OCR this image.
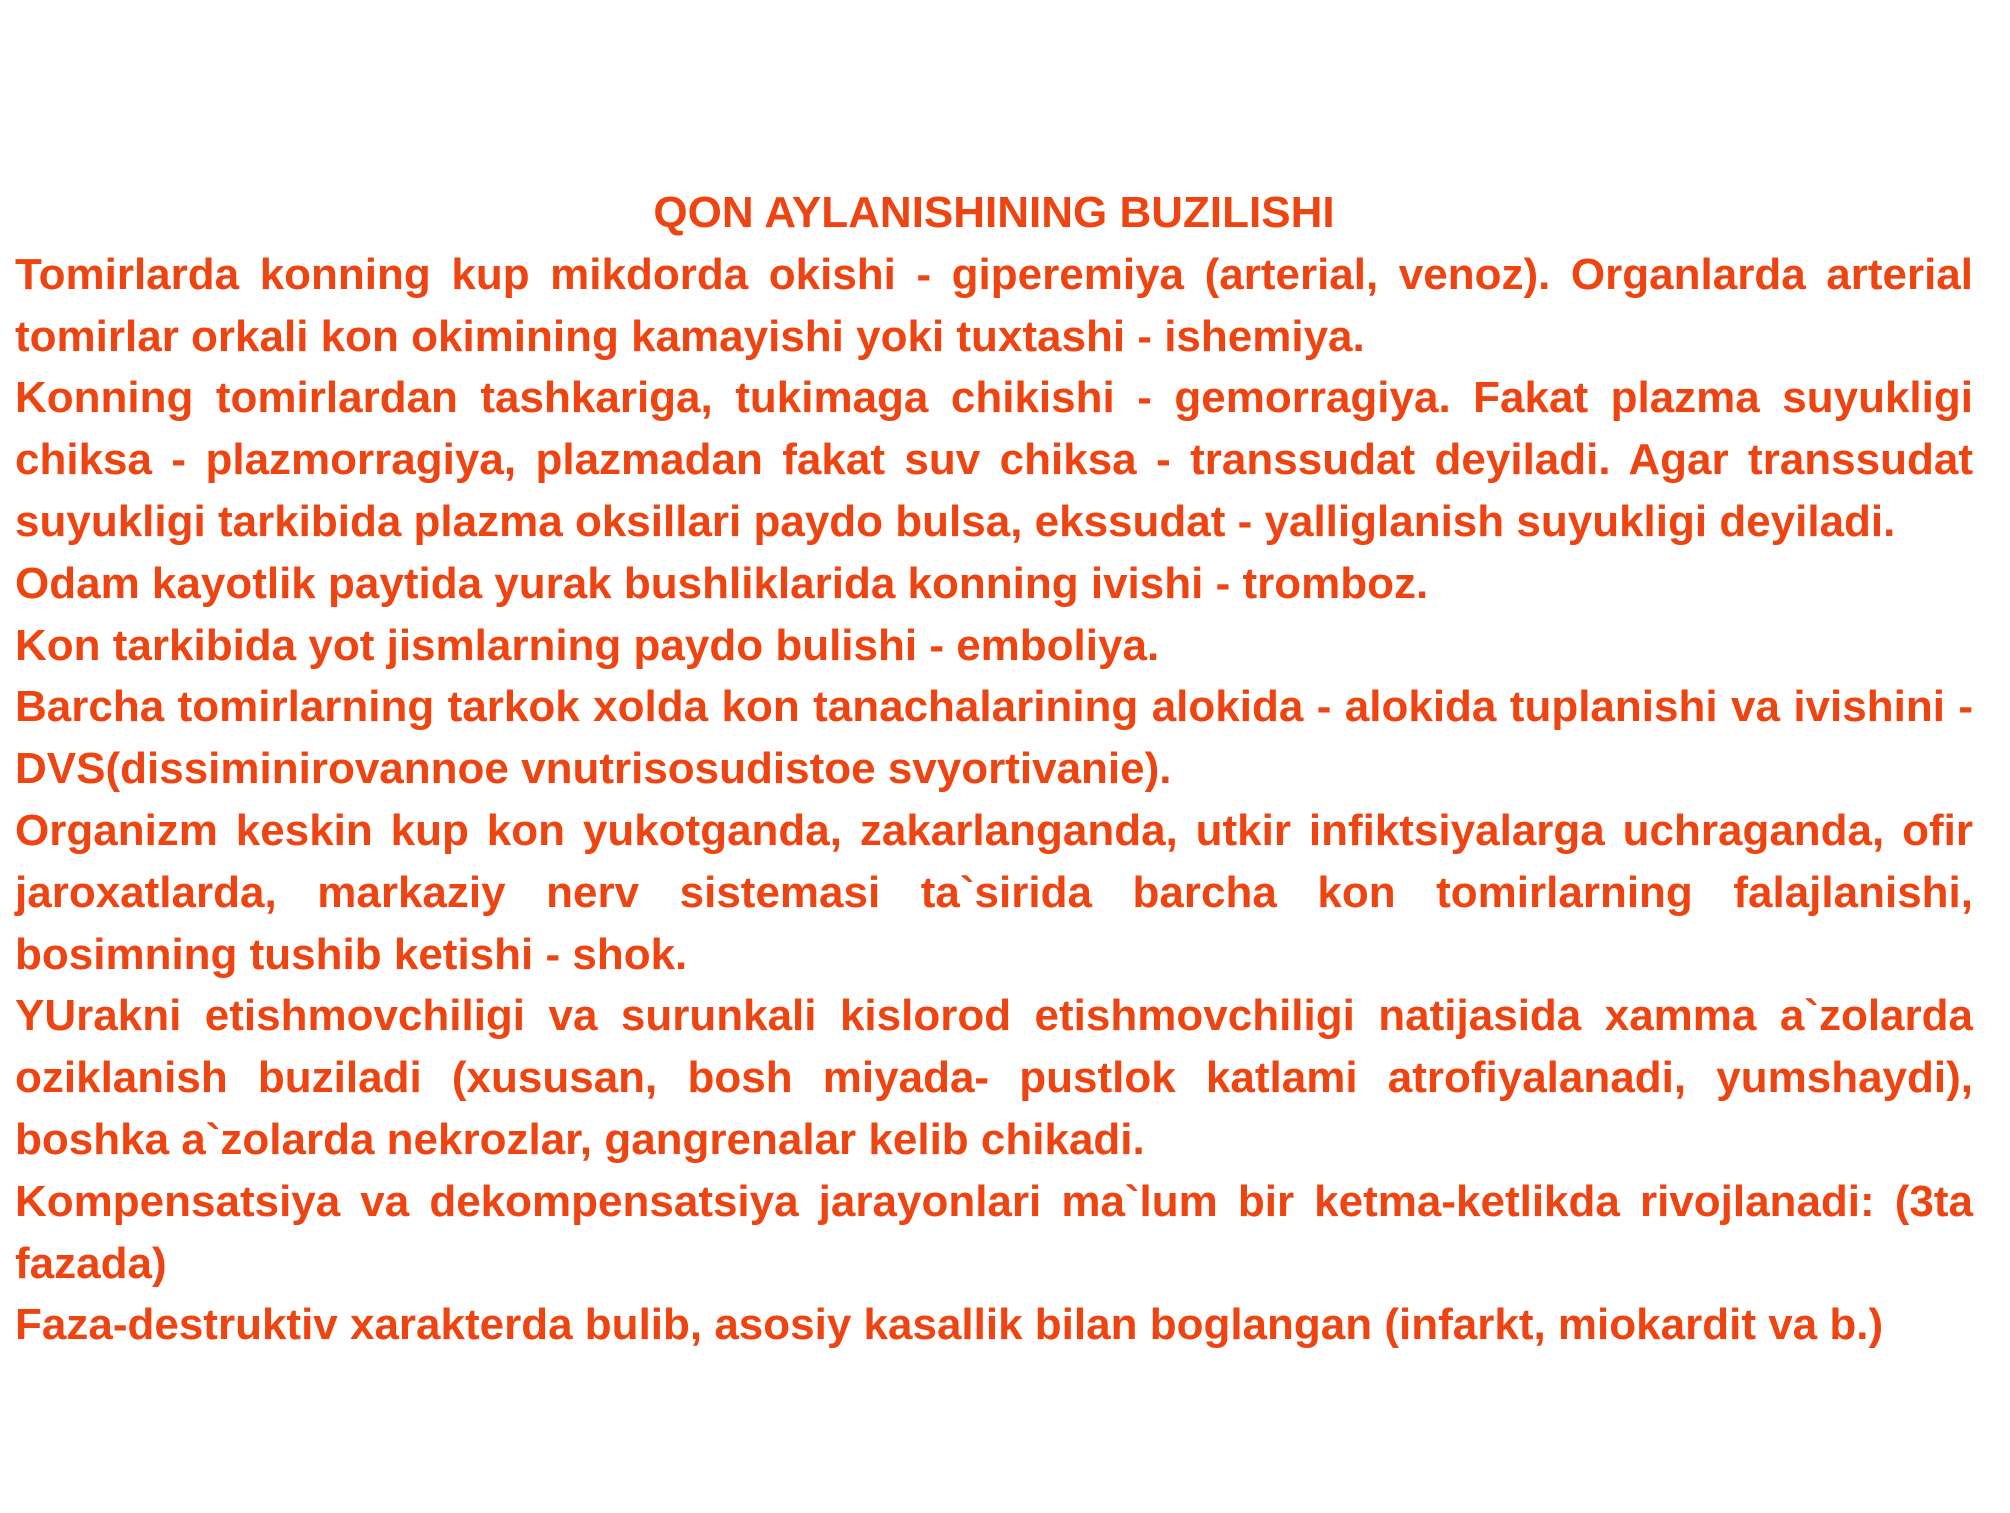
QON AYLANISHINING BUZILISHI

Tomirlarda konning kup mikdorda okishi - giperemiya (arterial, venoz). Organlarda arterial tomirlar orkali kon okimining kamayishi yoki tuxtashi - ishemiya.

Konning tomirlardan tashkariga, tukimaga chikishi - gemorragiya. Fakat plazma suyukligi chiksa - plazmorragiya, plazmadan fakat suv chiksa - transsudat deyiladi. Agar transsudat suyukligi tarkibida plazma oksillari paydo bulsa, ekssudat - yalliglanish suyukligi deyiladi.

Odam kayotlik paytida yurak bushliklarida konning ivishi - tromboz.

Kon tarkibida yot jismlarning paydo bulishi - emboliya.

Barcha tomirlarning tarkok xolda kon tanachalarining alokida - alokida tuplanishi va ivishini - DVS(dissiminirovannoe vnutrisosudistoe svyortivanie).

Organizm keskin kup kon yukotganda, zakarlanganda, utkir infiktsiyalarga uchraganda, ofir jaroxatlarda, markaziy nerv sistemasi ta`sirida barcha kon tomirlarning falajlanishi, bosimning tushib ketishi - shok.

YUrakni etishmovchiligi va surunkali kislorod etishmovchiligi natijasida xamma a`zolarda oziklanish buziladi (xususan, bosh miyada- pustlok katlami atrofiyalanadi, yumshaydi), boshka a`zolarda nekrozlar, gangrenalar kelib chikadi.

Kompensatsiya va dekompensatsiya jarayonlari ma`lum bir ketma-ketlikda rivojlanadi: (3ta fazada)

Faza-destruktiv xarakterda bulib, asosiy kasallik bilan boglangan (infarkt, miokardit va b.)
